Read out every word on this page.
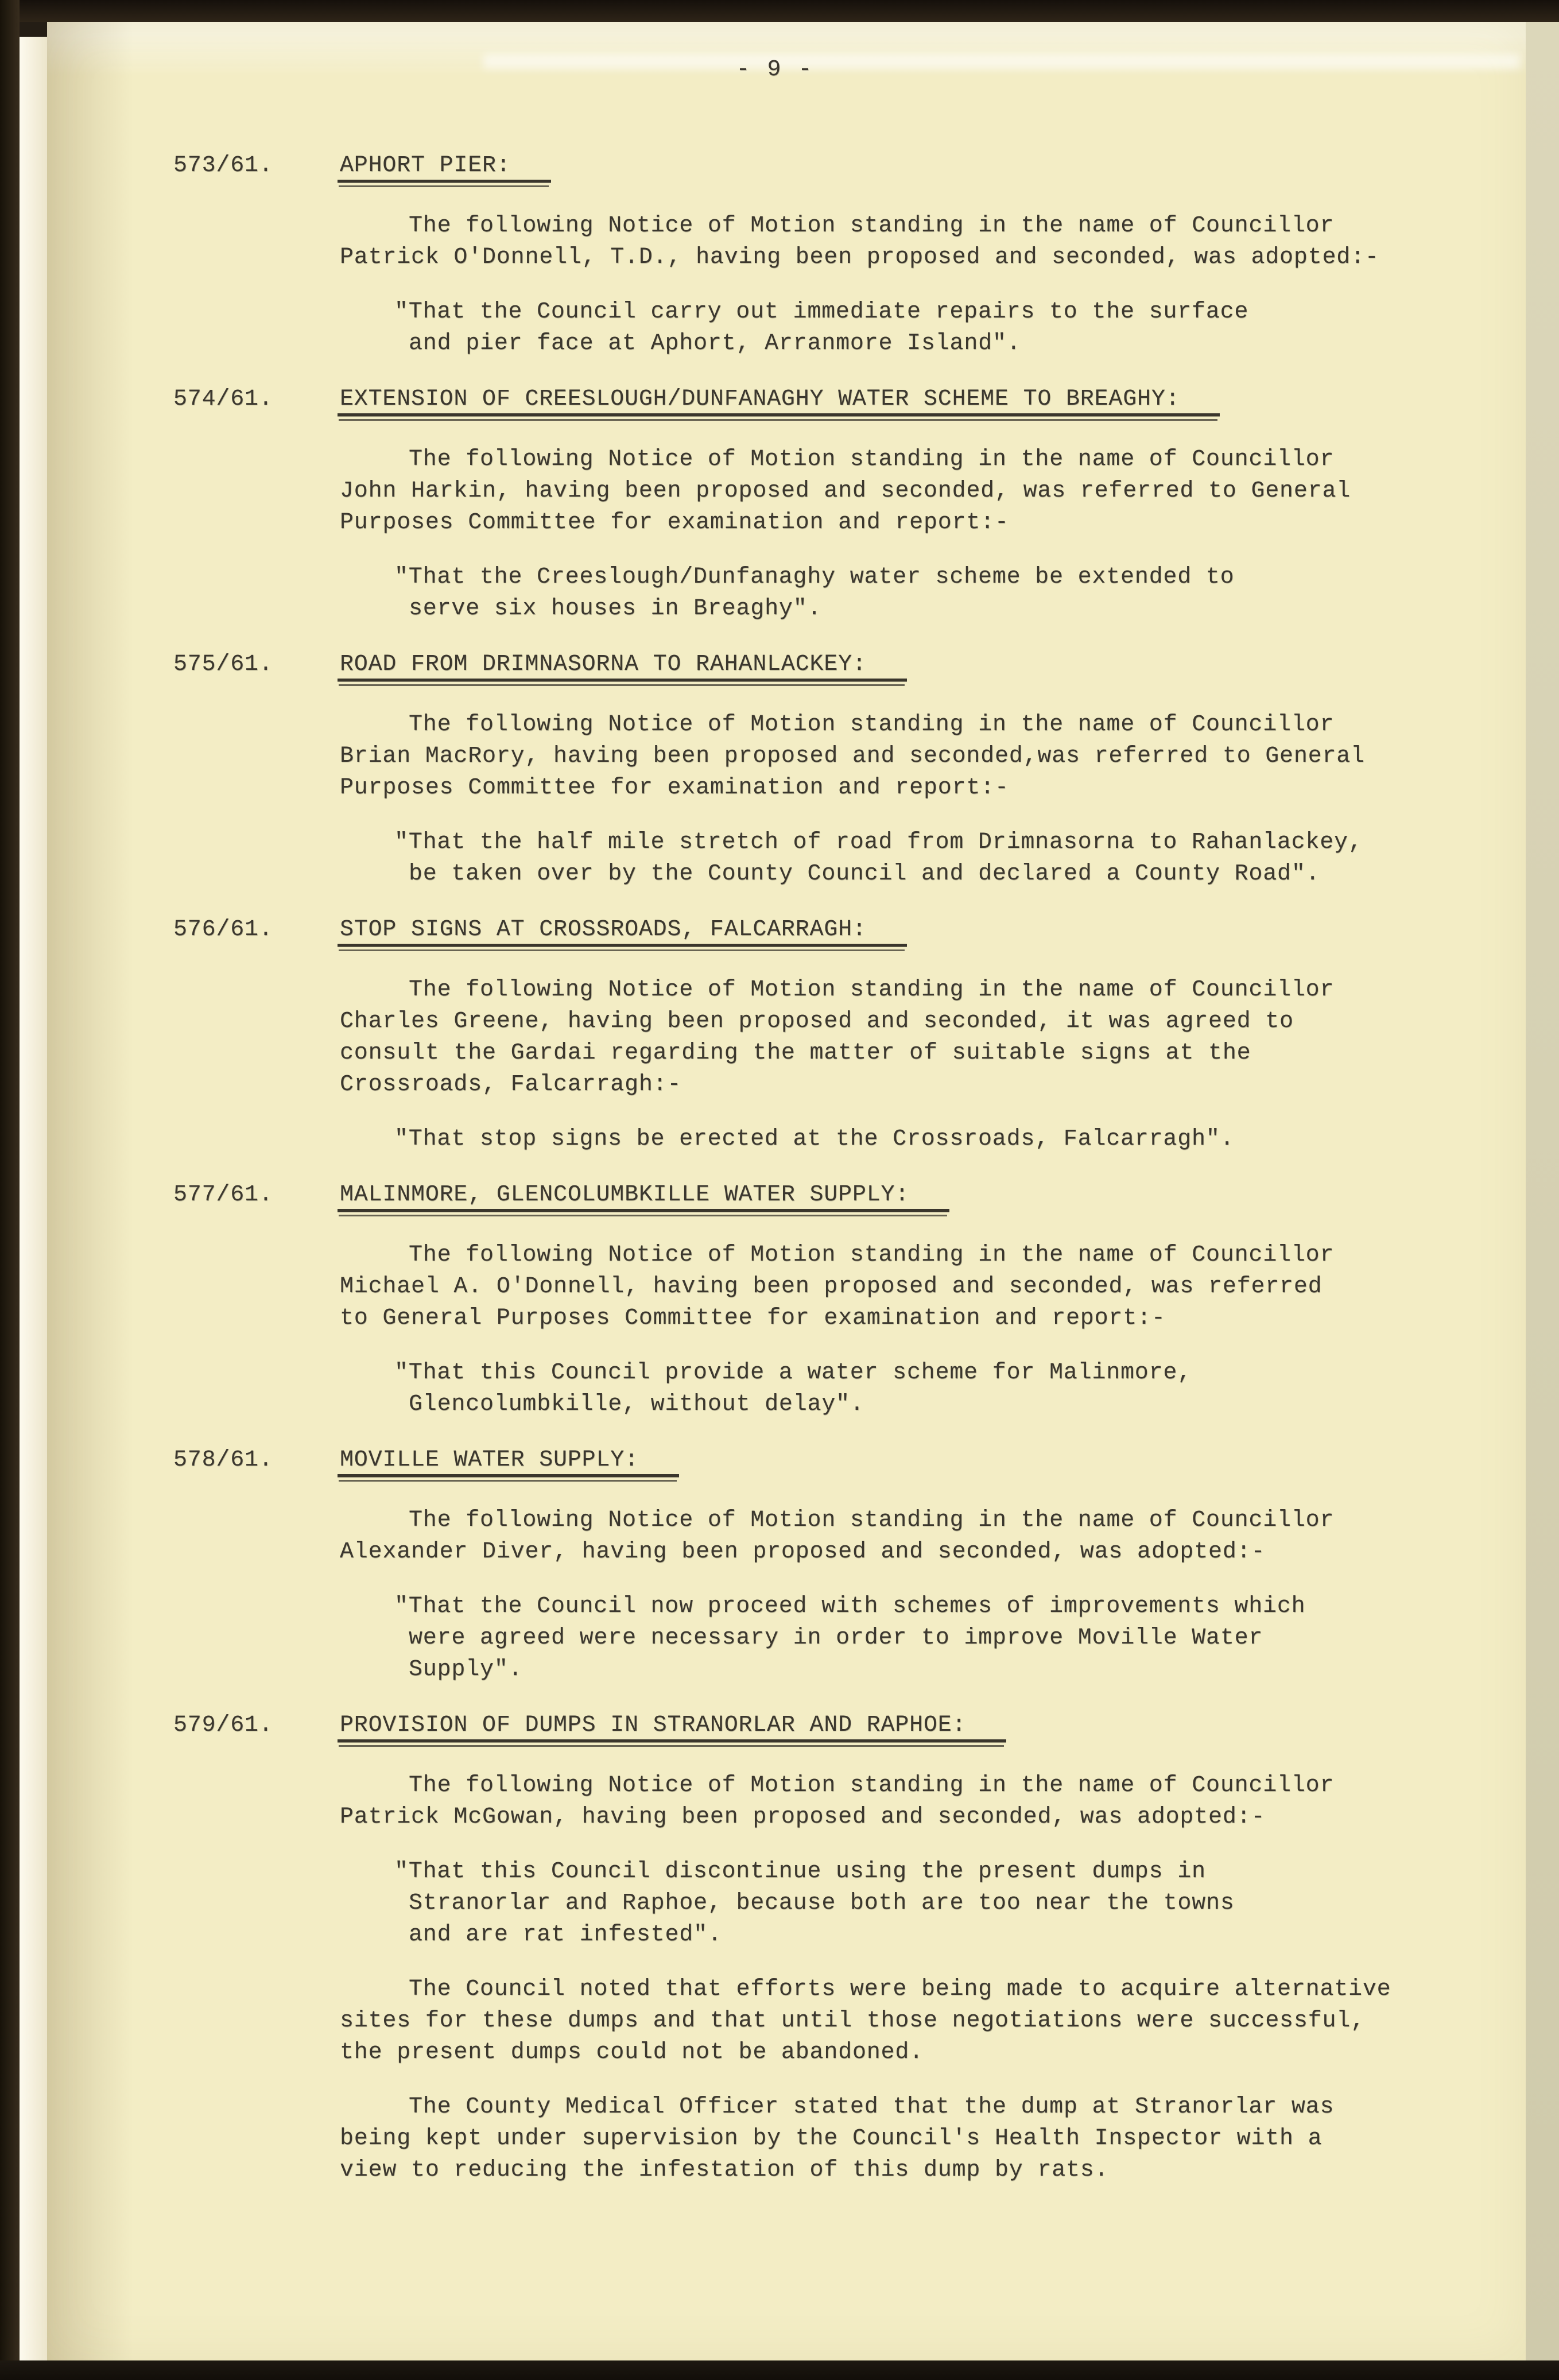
- 9 -
573/61.	APHORT PIER:
The following Notice of Motion standing in the name of Councillor
Patrick O'Donnell, T.D., having been proposed and seconded, was adopted:-
"That the Council carry out immediate repairs to the surface
and pier face at Aphort, Arranmore Island".
574/61.	EXTENSION OF CREESLOUGH/DUNFANAGHY WATER SCHEME TO BREAGHY:
The following Notice of Motion standing in the name of Councillor
John Harkin, having been proposed and seconded, was referred to General
Purposes Committee for examination and report:-
"That the Creeslough/Dunfanaghy water scheme be extended to
serve six houses in Breaghy".
575/61.	ROAD FROM DRIMNASORNA TO RAHANLACKEY:
The following Notice of Motion standing in the name of Councillor
Brian MacRory, having been proposed and seconded,was referred to General
Purposes Committee for examination and report:-
"That the half mile stretch of road from Drimnasorna to Rahanlackey,
be taken over by the County Council and declared a County Road".
576/61.	STOP SIGNS AT CROSSROADS, FALCARRAGH:
The following Notice of Motion standing in the name of Councillor
Charles Greene, having been proposed and seconded, it was agreed to
consult the Gardai regarding the matter of suitable signs at the
Crossroads, Falcarragh:-
"That stop signs be erected at the Crossroads, Falcarragh".
577/61.	MALINMORE, GLENCOLUMBKILLE WATER SUPPLY:
The following Notice of Motion standing in the name of Councillor
Michael A. O'Donnell, having been proposed and seconded, was referred
to General Purposes Committee for examination and report:-
"That this Council provide a water scheme for Malinmore,
Glencolumbkille, without delay".
578/61.	MOVILLE WATER SUPPLY:
The following Notice of Motion standing in the name of Councillor
Alexander Diver, having been proposed and seconded, was adopted:-
"That the Council now proceed with schemes of improvements which
were agreed were necessary in order to improve Moville Water
Supply".
579/61.	PROVISION OF DUMPS IN STRANORLAR AND RAPHOE:
The following Notice of Motion standing in the name of Councillor
Patrick McGowan, having been proposed and seconded, was adopted:-
"That this Council discontinue using the present dumps in
Stranorlar and Raphoe, because both are too near the towns
and are rat infested".
The Council noted that efforts were being made to acquire alternative
sites for these dumps and that until those negotiations were successful,
the present dumps could not be abandoned.
The County Medical Officer stated that the dump at Stranorlar was
being kept under supervision by the Council's Health Inspector with a
view to reducing the infestation of this dump by rats.
